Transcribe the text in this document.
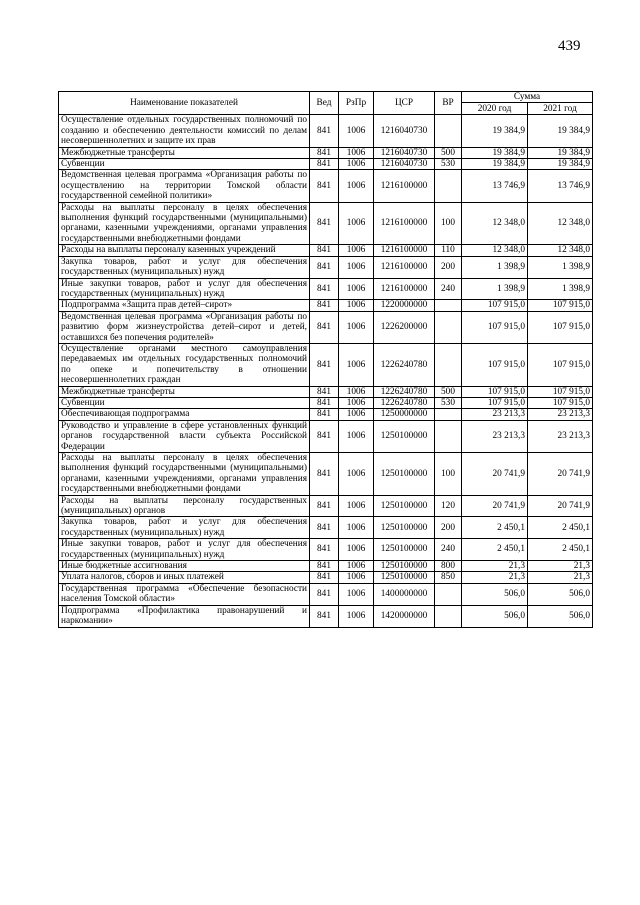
439
Наименование показателей	Вед	РзПр	ЦСР	ВР	Сумма	
					2020 год	2021 год
Осуществление отдельных государственных полномочий по созданию и обеспечению деятельности комиссий по делам несовершеннолетних и защите их прав	841	1006	1216040730		19 384,9	19 384,9
Межбюджетные трансферты	841	1006	1216040730	500	19 384,9	19 384,9
Субвенции	841	1006	1216040730	530	19 384,9	19 384,9
Ведомственная целевая программа «Организация работы по осуществлению на территории Томской области государственной семейной политики»	841	1006	1216100000		13 746,9	13 746,9
Расходы на выплаты персоналу в целях обеспечения выполнения функций государственными (муниципальными) органами, казенными учреждениями, органами управления государственными внебюджетными фондами	841	1006	1216100000	100	12 348,0	12 348,0
Расходы на выплаты персоналу казенных учреждений	841	1006	1216100000	110	12 348,0	12 348,0
Закупка товаров, работ и услуг для обеспечения государственных (муниципальных) нужд	841	1006	1216100000	200	1 398,9	1 398,9
Иные закупки товаров, работ и услуг для обеспечения государственных (муниципальных) нужд	841	1006	1216100000	240	1 398,9	1 398,9
Подпрограмма «Защита прав детей–сирот»	841	1006	1220000000		107 915,0	107 915,0
Ведомственная целевая программа «Организация работы по развитию форм жизнеустройства детей–сирот и детей, оставшихся без попечения родителей»	841	1006	1226200000		107 915,0	107 915,0
Осуществление органами местного самоуправления передаваемых им отдельных государственных полномочий по опеке и попечительству в отношении несовершеннолетних граждан	841	1006	1226240780		107 915,0	107 915,0
Межбюджетные трансферты	841	1006	1226240780	500	107 915,0	107 915,0
Субвенции	841	1006	1226240780	530	107 915,0	107 915,0
Обеспечивающая подпрограмма	841	1006	1250000000		23 213,3	23 213,3
Руководство и управление в сфере установленных функций органов государственной власти субъекта Российской Федерации	841	1006	1250100000		23 213,3	23 213,3
Расходы на выплаты персоналу в целях обеспечения выполнения функций государственными (муниципальными) органами, казенными учреждениями, органами управления государственными внебюджетными фондами	841	1006	1250100000	100	20 741,9	20 741,9
Расходы на выплаты персоналу государственных (муниципальных) органов	841	1006	1250100000	120	20 741,9	20 741,9
Закупка товаров, работ и услуг для обеспечения государственных (муниципальных) нужд	841	1006	1250100000	200	2 450,1	2 450,1
Иные закупки товаров, работ и услуг для обеспечения государственных (муниципальных) нужд	841	1006	1250100000	240	2 450,1	2 450,1
Иные бюджетные ассигнования	841	1006	1250100000	800	21,3	21,3
Уплата налогов, сборов и иных платежей	841	1006	1250100000	850	21,3	21,3
Государственная программа «Обеспечение безопасности населения Томской области»	841	1006	1400000000		506,0	506,0
Подпрограмма «Профилактика правонарушений и наркомании»	841	1006	1420000000		506,0	506,0
